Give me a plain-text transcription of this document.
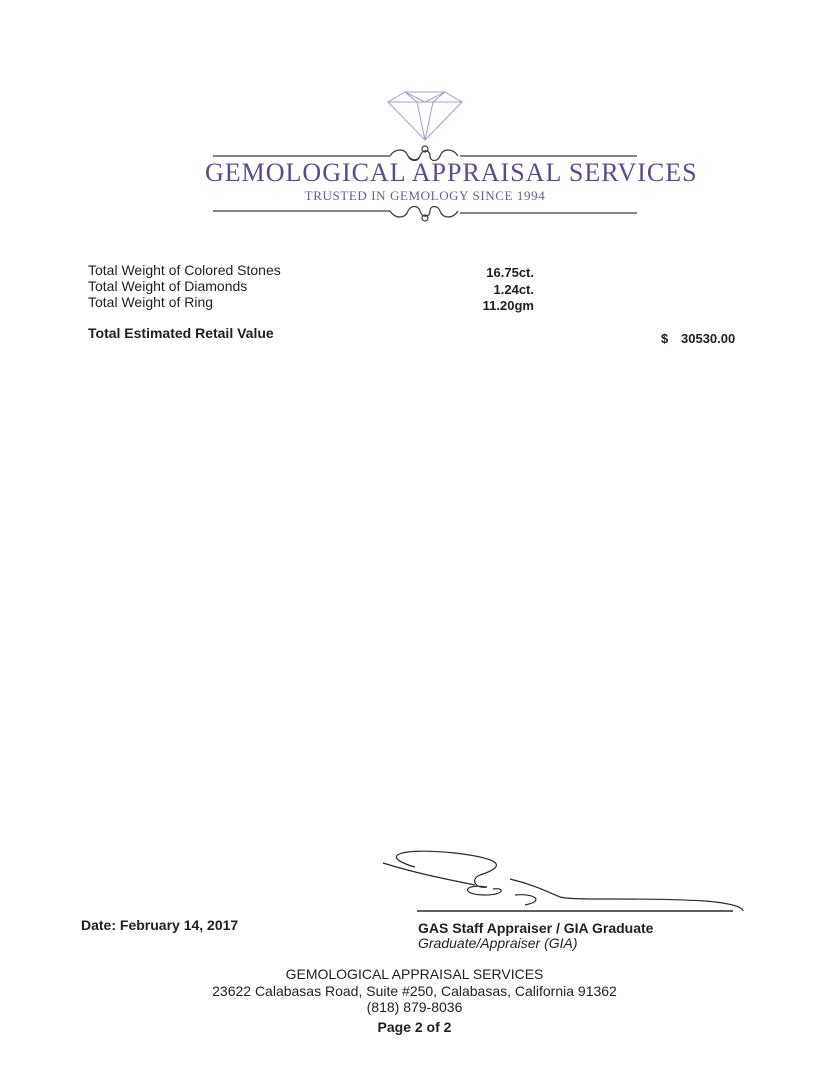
GEMOLOGICAL APPRAISAL SERVICES
TRUSTED IN GEMOLOGY SINCE 1994
Total Weight of Colored Stones
Total Weight of Diamonds
Total Weight of Ring
16.75ct.
1.24ct.
11.20gm
Total Estimated Retail Value	$ 30530.00
Date: February 14, 2017	GAS Staff Appraiser / GIA Graduate
Graduate/Appraiser (GIA)
GEMOLOGICAL APPRAISAL SERVICES
23622 Calabasas Road, Suite #250, Calabasas, California 91362
(818) 879-8036
Page 2 of 2
